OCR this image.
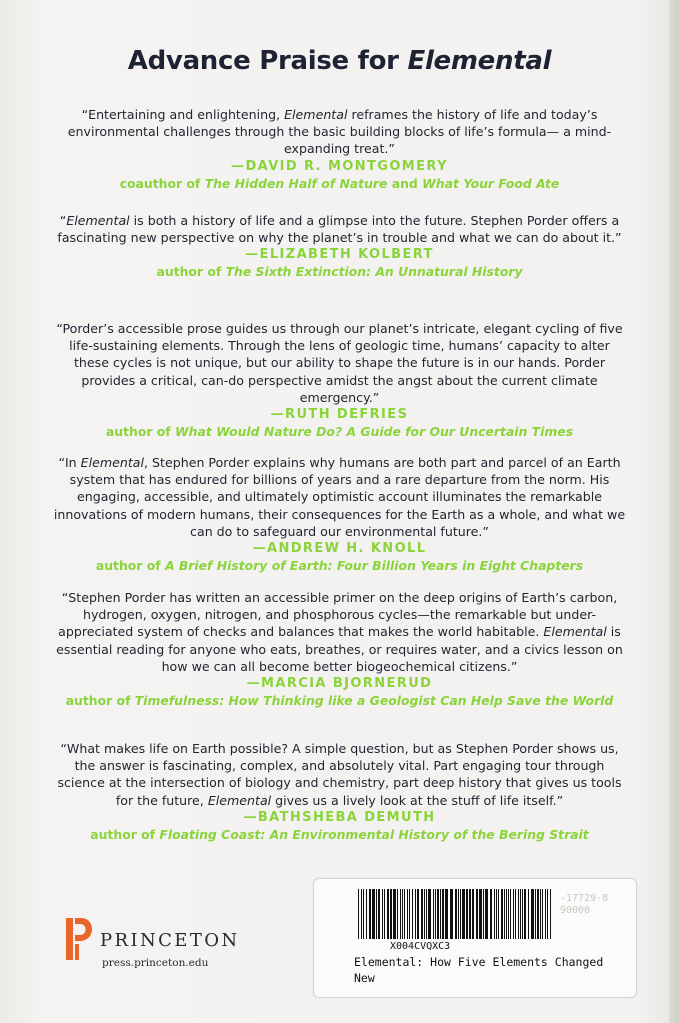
Advance Praise for Elemental

“Entertaining and enlightening, Elemental reframes the history of life and today’s environmental challenges through the basic building blocks of life’s formula— a mind-expanding treat.”

—DAVID R. MONTGOMERY

coauthor of The Hidden Half of Nature and What Your Food Ate

“Elemental is both a history of life and a glimpse into the future. Stephen Porder offers a fascinating new perspective on why the planet’s in trouble and what we can do about it.”

—ELIZABETH KOLBERT

author of The Sixth Extinction: An Unnatural History

“Porder’s accessible prose guides us through our planet’s intricate, elegant cycling of five life-sustaining elements. Through the lens of geologic time, humans’ capacity to alter these cycles is not unique, but our ability to shape the future is in our hands. Porder provides a critical, can-do perspective amidst the angst about the current climate emergency.”

—RUTH DEFRIES

author of What Would Nature Do? A Guide for Our Uncertain Times

“In Elemental, Stephen Porder explains why humans are both part and parcel of an Earth system that has endured for billions of years and a rare departure from the norm. His engaging, accessible, and ultimately optimistic account illuminates the remarkable innovations of modern humans, their consequences for the Earth as a whole, and what we can do to safeguard our environmental future.”

—ANDREW H. KNOLL

author of A Brief History of Earth: Four Billion Years in Eight Chapters

“Stephen Porder has written an accessible primer on the deep origins of Earth’s carbon, hydrogen, oxygen, nitrogen, and phosphorous cycles—the remarkable but under-appreciated system of checks and balances that makes the world habitable. Elemental is essential reading for anyone who eats, breathes, or requires water, and a civics lesson on how we can all become better biogeochemical citizens.”

—MARCIA BJORNERUD

author of Timefulness: How Thinking like a Geologist Can Help Save the World

“What makes life on Earth possible? A simple question, but as Stephen Porder shows us, the answer is fascinating, complex, and absolutely vital. Part engaging tour through science at the intersection of biology and chemistry, part deep history that gives us tools for the future, Elemental gives us a lively look at the stuff of life itself.”

—BATHSHEBA DEMUTH

author of Floating Coast: An Environmental History of the Bering Strait

PRINCETON
press.princeton.edu
-17729-8
90000
X004CVQXC3
Elemental: How Five Elements Changed
New
